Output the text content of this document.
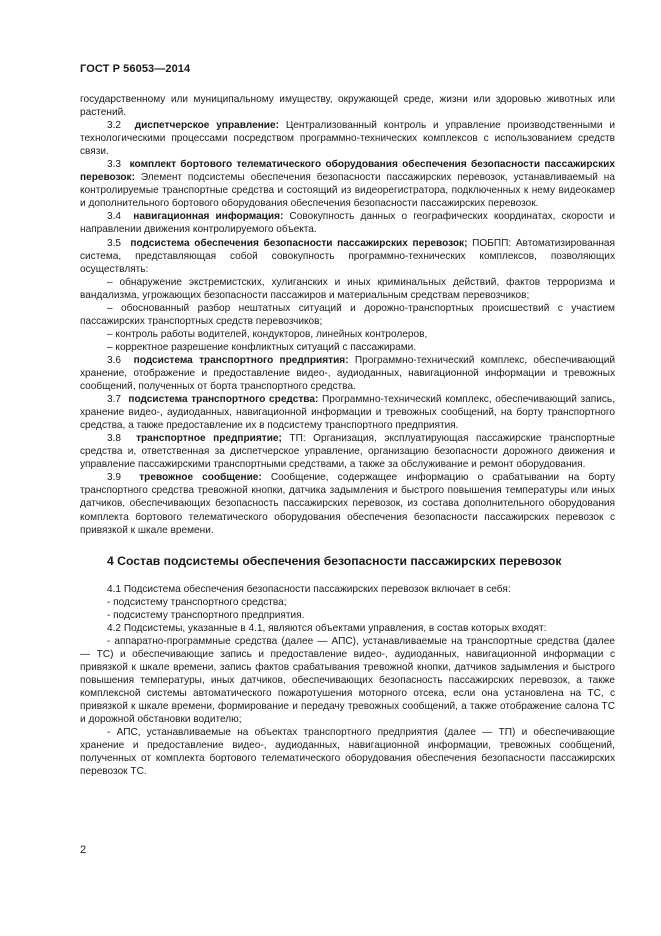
ГОСТ Р 56053—2014

государственному или муниципальному имуществу, окружающей среде, жизни или здоровью животных или растений.

3.2 диспетчерское управление: Централизованный контроль и управление производственными и технологическими процессами посредством программно-технических комплексов с использованием средств связи.

3.3 комплект бортового телематического оборудования обеспечения безопасности пассажирских перевозок: Элемент подсистемы обеспечения безопасности пассажирских перевозок, устанавливаемый на контролируемые транспортные средства и состоящий из видеорегистратора, подключенных к нему видеокамер и дополнительного бортового оборудования обеспечения безопасности пассажирских перевозок.

3.4 навигационная информация: Совокупность данных о географических координатах, скорости и направлении движения контролируемого объекта.

3.5 подсистема обеспечения безопасности пассажирских перевозок; ПОБПП: Автоматизированная система, представляющая собой совокупность программно-технических комплексов, позволяющих осуществлять:

– обнаружение экстремистских, хулиганских и иных криминальных действий, фактов терроризма и вандализма, угрожающих безопасности пассажиров и материальным средствам перевозчиков;

– обоснованный разбор нештатных ситуаций и дорожно-транспортных происшествий с участием пассажирских транспортных средств перевозчиков;

– контроль работы водителей, кондукторов, линейных контролеров,

– корректное разрешение конфликтных ситуаций с пассажирами.

3.6 подсистема транспортного предприятия: Программно-технический комплекс, обеспечивающий хранение, отображение и предоставление видео-, аудиоданных, навигационной информации и тревожных сообщений, полученных от борта транспортного средства.

3.7 подсистема транспортного средства: Программно-технический комплекс, обеспечивающий запись, хранение видео-, аудиоданных, навигационной информации и тревожных сообщений, на борту транспортного средства, а также предоставление их в подсистему транспортного предприятия.

3.8 транспортное предприятие; ТП: Организация, эксплуатирующая пассажирские транспортные средства и, ответственная за диспетчерское управление, организацию безопасности дорожного движения и управление пассажирскими транспортными средствами, а также за обслуживание и ремонт оборудования.

3.9 тревожное сообщение: Сообщение, содержащее информацию о срабатывании на борту транспортного средства тревожной кнопки, датчика задымления и быстрого повышения температуры или иных датчиков, обеспечивающих безопасность пассажирских перевозок, из состава дополнительного оборудования комплекта бортового телематического оборудования обеспечения безопасности пассажирских перевозок с привязкой к шкале времени.

4 Состав подсистемы обеспечения безопасности пассажирских перевозок

4.1 Подсистема обеспечения безопасности пассажирских перевозок включает в себя:

- подсистему транспортного средства;

- подсистему транспортного предприятия.

4.2 Подсистемы, указанные в 4.1, являются объектами управления, в состав которых входят:

- аппаратно-программные средства (далее — АПС), устанавливаемые на транспортные средства (далее — ТС) и обеспечивающие запись и предоставление видео-, аудиоданных, навигационной информации с привязкой к шкале времени, запись фактов срабатывания тревожной кнопки, датчиков задымления и быстрого повышения температуры, иных датчиков, обеспечивающих безопасность пассажирских перевозок, а также комплексной системы автоматического пожаротушения моторного отсека, если она установлена на ТС, с привязкой к шкале времени, формирование и передачу тревожных сообщений, а также отображение салона ТС и дорожной обстановки водителю;

- АПС, устанавливаемые на объектах транспортного предприятия (далее — ТП) и обеспечивающие хранение и предоставление видео-, аудиоданных, навигационной информации, тревожных сообщений, полученных от комплекта бортового телематического оборудования обеспечения безопасности пассажирских перевозок ТС.

2
